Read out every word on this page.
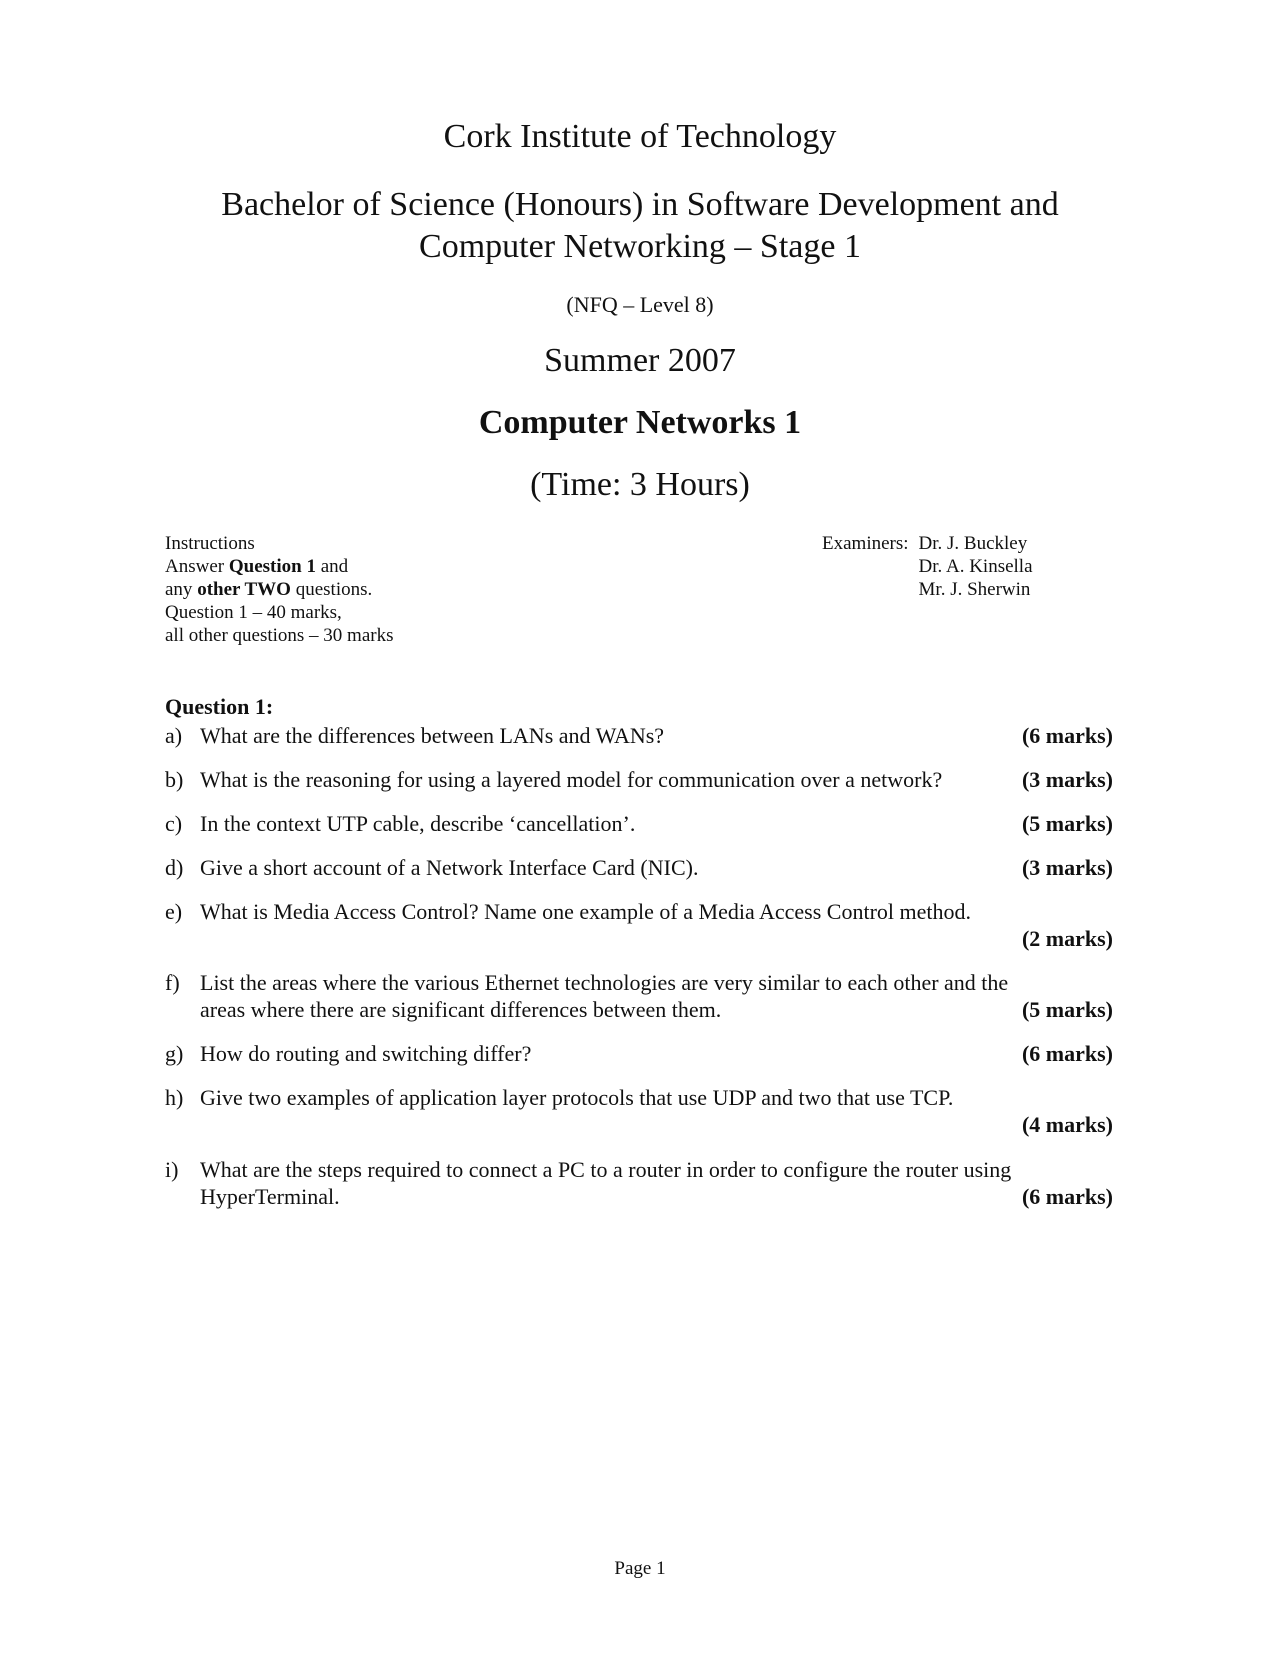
Cork Institute of Technology
Bachelor of Science (Honours) in Software Development and
Computer Networking – Stage 1
(NFQ – Level 8)
Summer 2007
Computer Networks 1
(Time: 3 Hours)
Instructions
Answer Question 1 and
any other TWO questions.
Question 1 – 40 marks,
all other questions – 30 marks
Examiners: Dr. J. Buckley
Dr. A. Kinsella
Mr. J. Sherwin
Question 1:
a) What are the differences between LANs and WANs?	(6 marks)
b) What is the reasoning for using a layered model for communication over a network?	(3 marks)
c) In the context UTP cable, describe ‘cancellation’.	(5 marks)
d) Give a short account of a Network Interface Card (NIC).	(3 marks)
e) What is Media Access Control? Name one example of a Media Access Control method.
(2 marks)
f) List the areas where the various Ethernet technologies are very similar to each other and the
areas where there are significant differences between them.	(5 marks)
g) How do routing and switching differ?	(6 marks)
h) Give two examples of application layer protocols that use UDP and two that use TCP.
(4 marks)
i) What are the steps required to connect a PC to a router in order to configure the router using
HyperTerminal.	(6 marks)
Page 1
